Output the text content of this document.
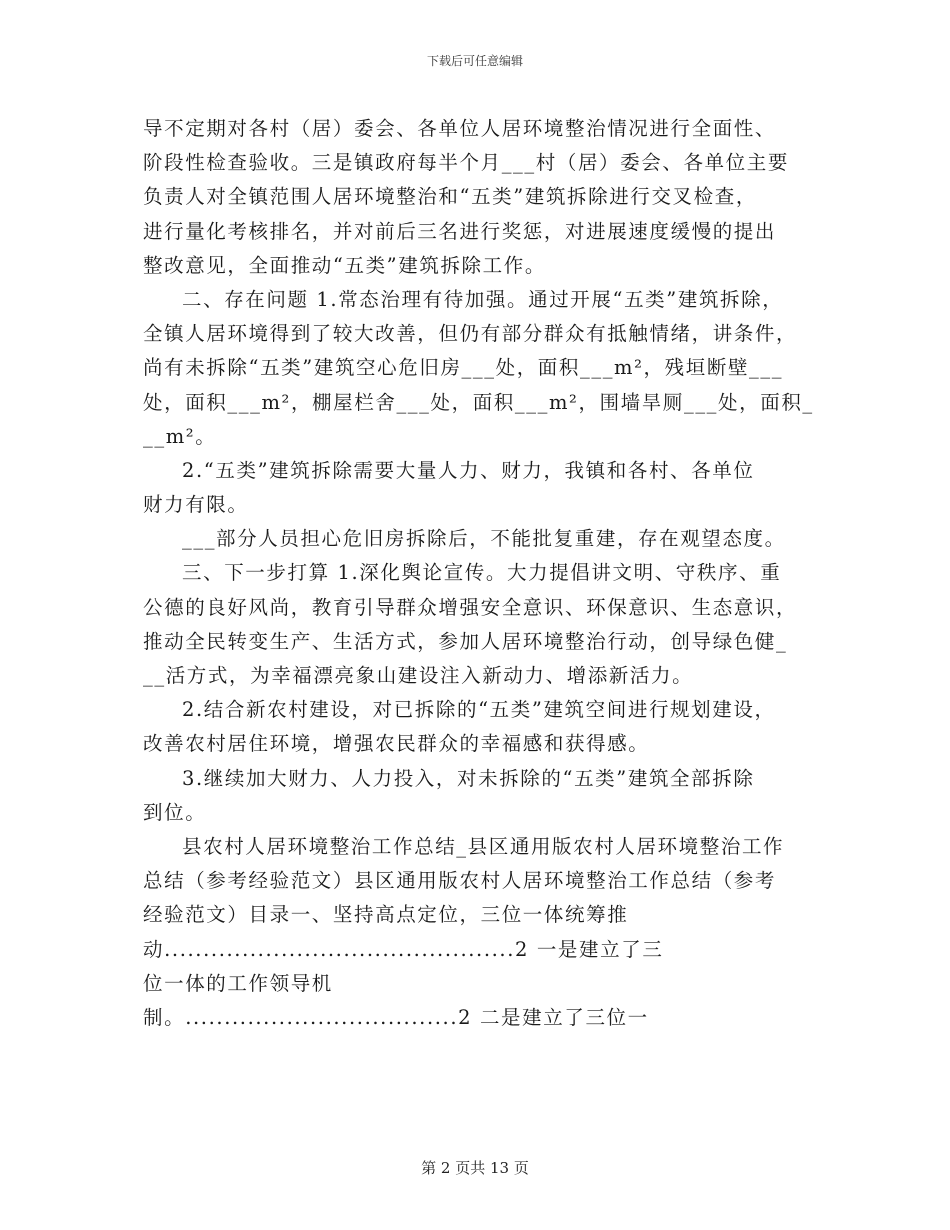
下载后可任意编辑
导不定期对各村（居）委会、各单位人居环境整治情况进行全面性、
阶段性检查验收。三是镇政府每半个月___村（居）委会、各单位主要
负责人对全镇范围人居环境整治和“五类”建筑拆除进行交叉检查，
进行量化考核排名，并对前后三名进行奖惩，对进展速度缓慢的提出
整改意见，全面推动“五类”建筑拆除工作。
二、存在问题 1.常态治理有待加强。通过开展“五类”建筑拆除，
全镇人居环境得到了较大改善，但仍有部分群众有抵触情绪，讲条件，
尚有未拆除“五类”建筑空心危旧房___处，面积___m²，残垣断壁___
处，面积___m²，棚屋栏舍___处，面积___m²，围墙旱厕___处，面积_
__m²。
2.“五类”建筑拆除需要大量人力、财力，我镇和各村、各单位
财力有限。
___部分人员担心危旧房拆除后，不能批复重建，存在观望态度。
三、下一步打算 1.深化舆论宣传。大力提倡讲文明、守秩序、重
公德的良好风尚，教育引导群众增强安全意识、环保意识、生态意识，
推动全民转变生产、生活方式，参加人居环境整治行动，创导绿色健_
__活方式，为幸福漂亮象山建设注入新动力、增添新活力。
2.结合新农村建设，对已拆除的“五类”建筑空间进行规划建设，
改善农村居住环境，增强农民群众的幸福感和获得感。
3.继续加大财力、人力投入，对未拆除的“五类”建筑全部拆除
到位。
县农村人居环境整治工作总结_县区通用版农村人居环境整治工作
总结（参考经验范文）县区通用版农村人居环境整治工作总结（参考
经验范文）目录一、坚持高点定位，三位一体统筹推
动.............................................2 一是建立了三
位一体的工作领导机
制。...................................2 二是建立了三位一
第 2 页共 13 页
